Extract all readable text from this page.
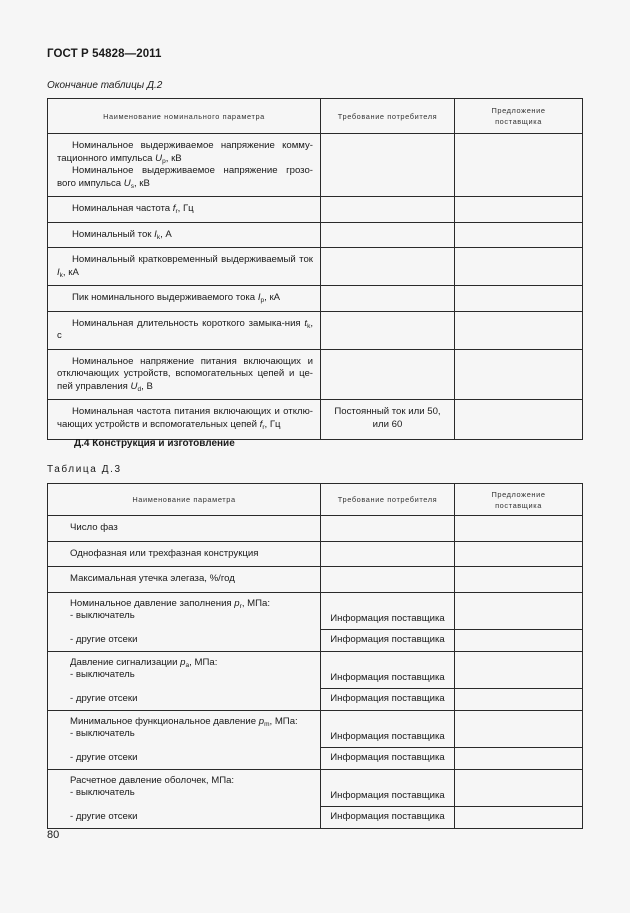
ГОСТ Р 54828—2011
Окончание таблицы Д.2
Наименование номинального параметра	Требование потребителя	Предложение поставщика

Номинальное выдерживаемое напряжение комму-тационного импульса $U_p$, кВ
Номинальное выдерживаемое напряжение грозо-вого импульса $U_s$, кВ		

Номинальная частота $f_r$, Гц		
Номинальный ток $I_k$, А		
Номинальный кратковременный выдерживаемый ток $I_k$, кА		
Пик номинального выдерживаемого тока $I_p$, кА		
Номинальная длительность короткого замыка-ния $t_k$, с		
Номинальное напряжение питания включающих и отключающих устройств, вспомогательных цепей и це-пей управления $U_d$, В		
Номинальная частота питания включающих и отклю-чающих устройств и вспомогательных цепей $f_r$, Гц	Постоянный ток или 50, или 60	
Д.4 Конструкция и изготовление
Таблица Д.3
Наименование параметра	Требование потребителя	Предложение поставщика
Число фаз		
Однофазная или трехфазная конструкция		
Максимальная утечка элегаза, %/год		

Номинальное давление заполнения $p_r$, МПа:
- выключатель	Информация поставщика	
- другие отсеки	Информация поставщика	

Давление сигнализации $p_a$, МПа:
- выключатель	Информация поставщика	
- другие отсеки	Информация поставщика	

Минимальное функциональное давление $p_m$, МПа:
- выключатель	Информация поставщика	
- другие отсеки	Информация поставщика	

Расчетное давление оболочек, МПа:
- выключатель	Информация поставщика	
- другие отсеки	Информация поставщика	
80
